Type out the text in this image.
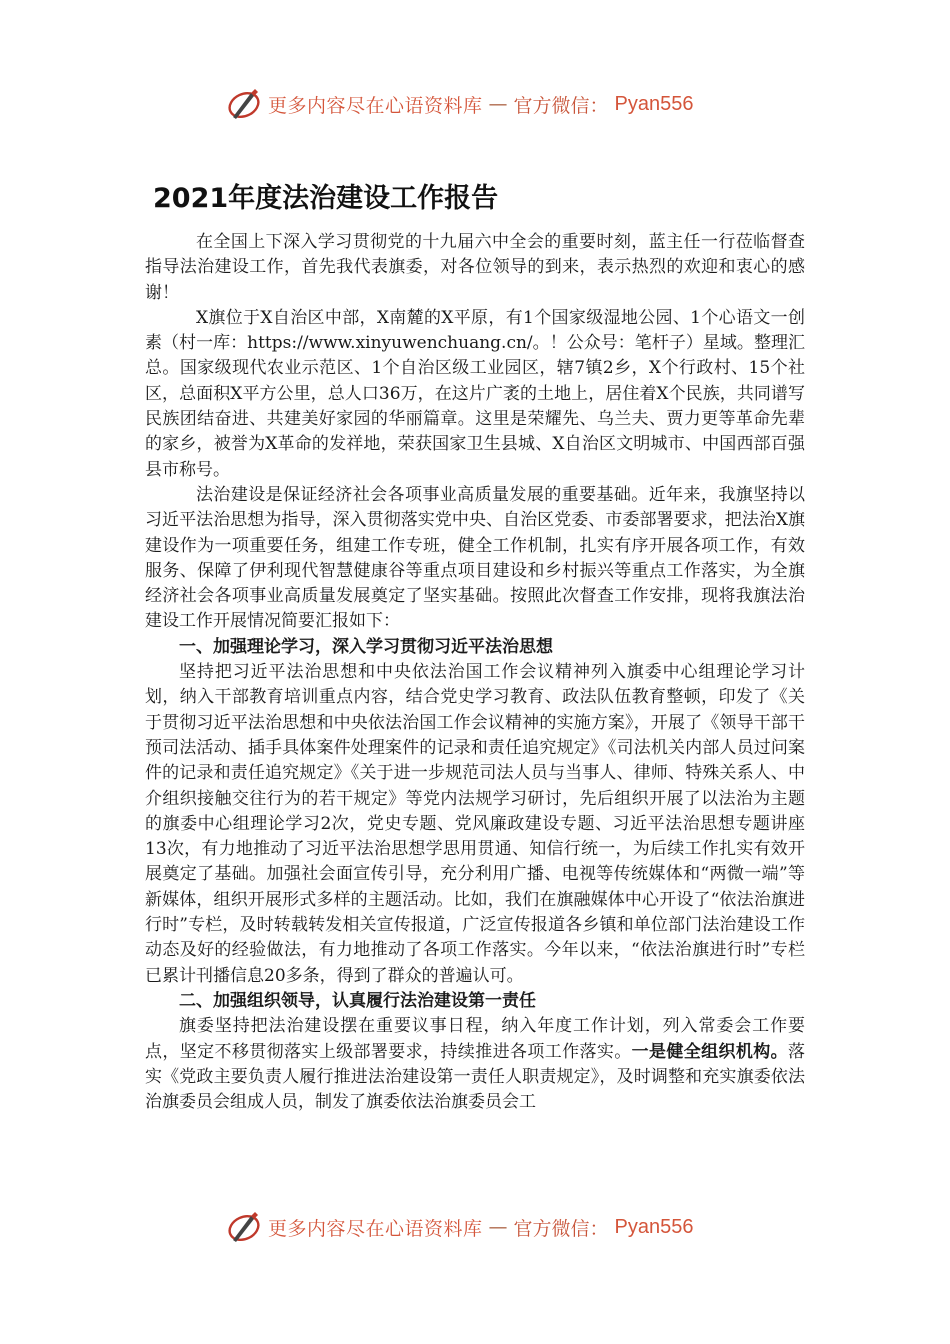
更多内容尽在心语资料库 — 官方微信： Pyan556
2021年度法治建设工作报告

在全国上下深入学习贯彻党的十九届六中全会的重要时刻，蓝主任一行莅临督查指导法治建设工作，首先我代表旗委，对各位领导的到来，表示热烈的欢迎和衷心的感谢！

X旗位于X自治区中部，X南麓的X平原，有1个国家级湿地公园、1个心语文一创素（村一库：https://www.xinyuwenchuang.cn/。！公众号：笔杆子）星域。整理汇总。国家级现代农业示范区、1个自治区级工业园区，辖7镇2乡，X个行政村、15个社区，总面积X平方公里，总人口36万，在这片广袤的土地上，居住着X个民族，共同谱写民族团结奋进、共建美好家园的华丽篇章。这里是荣耀先、乌兰夫、贾力更等革命先辈的家乡，被誉为X革命的发祥地，荣获国家卫生县城、X自治区文明城市、中国西部百强县市称号。

法治建设是保证经济社会各项事业高质量发展的重要基础。近年来，我旗坚持以习近平法治思想为指导，深入贯彻落实党中央、自治区党委、市委部署要求，把法治X旗建设作为一项重要任务，组建工作专班，健全工作机制，扎实有序开展各项工作，有效服务、保障了伊利现代智慧健康谷等重点项目建设和乡村振兴等重点工作落实，为全旗经济社会各项事业高质量发展奠定了坚实基础。按照此次督查工作安排，现将我旗法治建设工作开展情况简要汇报如下：

一、加强理论学习，深入学习贯彻习近平法治思想

坚持把习近平法治思想和中央依法治国工作会议精神列入旗委中心组理论学习计划，纳入干部教育培训重点内容，结合党史学习教育、政法队伍教育整顿，印发了《关于贯彻习近平法治思想和中央依法治国工作会议精神的实施方案》，开展了《领导干部干预司法活动、插手具体案件处理案件的记录和责任追究规定》《司法机关内部人员过问案件的记录和责任追究规定》《关于进一步规范司法人员与当事人、律师、特殊关系人、中介组织接触交往行为的若干规定》等党内法规学习研讨，先后组织开展了以法治为主题的旗委中心组理论学习2次，党史专题、党风廉政建设专题、习近平法治思想专题讲座13次，有力地推动了习近平法治思想学思用贯通、知信行统一，为后续工作扎实有效开展奠定了基础。加强社会面宣传引导，充分利用广播、电视等传统媒体和“两微一端”等新媒体，组织开展形式多样的主题活动。比如，我们在旗融媒体中心开设了“依法治旗进行时”专栏，及时转载转发相关宣传报道，广泛宣传报道各乡镇和单位部门法治建设工作动态及好的经验做法，有力地推动了各项工作落实。今年以来，“依法治旗进行时”专栏已累计刊播信息20多条，得到了群众的普遍认可。

二、加强组织领导，认真履行法治建设第一责任

旗委坚持把法治建设摆在重要议事日程，纳入年度工作计划，列入常委会工作要点，坚定不移贯彻落实上级部署要求，持续推进各项工作落实。一是健全组织机构。落实《党政主要负责人履行推进法治建设第一责任人职责规定》，及时调整和充实旗委依法治旗委员会组成人员，制发了旗委依法治旗委员会工

更多内容尽在心语资料库 — 官方微信： Pyan556
